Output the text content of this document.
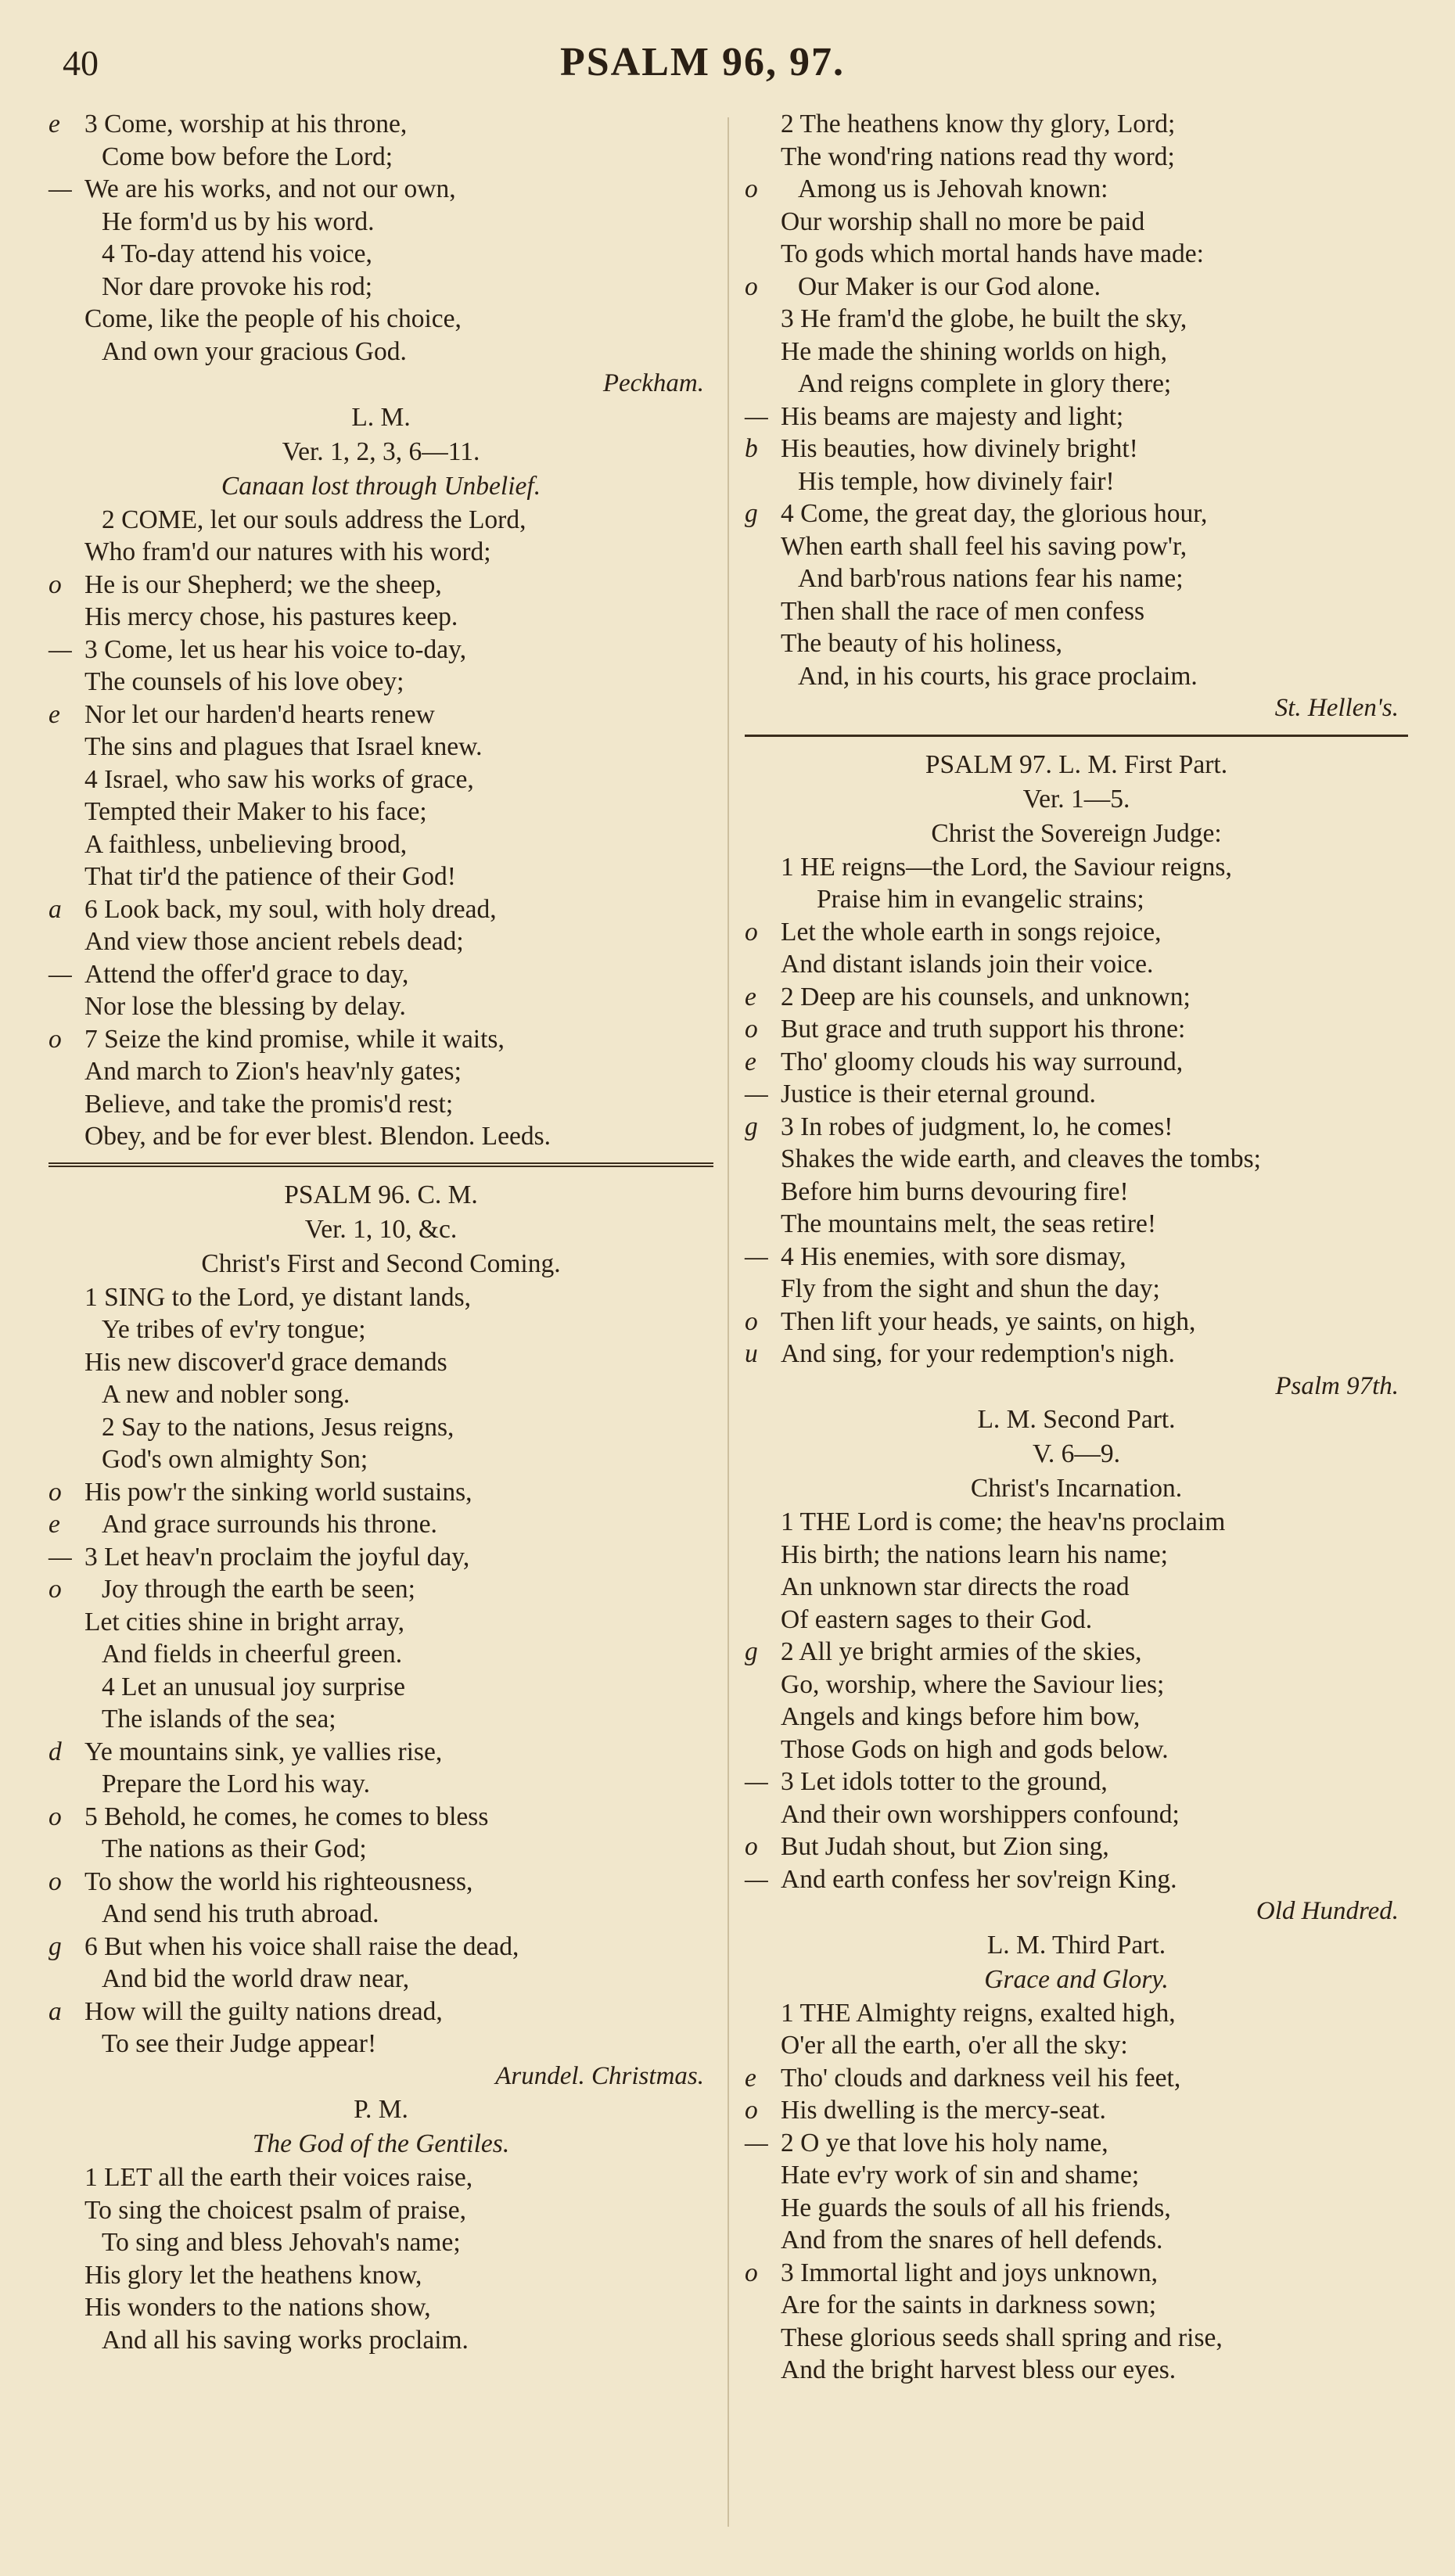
40	PSALM 96, 97.
e 3 Come, worship at his throne,
Come bow before the Lord;
— We are his works, and not our own,
He form'd us by his word.
4 To-day attend his voice,
Nor dare provoke his rod;
Come, like the people of his choice,
And own your gracious God.
Peckham.
L. M.
Ver. 1, 2, 3, 6—11.
Canaan lost through Unbelief.
2 COME, let our souls address the Lord,
Who fram'd our natures with his word;
o He is our Shepherd; we the sheep,
His mercy chose, his pastures keep.
— 3 Come, let us hear his voice to-day,
The counsels of his love obey;
e Nor let our harden'd hearts renew
The sins and plagues that Israel knew.
4 Israel, who saw his works of grace,
Tempted their Maker to his face;
A faithless, unbelieving brood,
That tir'd the patience of their God!
a 6 Look back, my soul, with holy dread,
And view those ancient rebels dead;
— Attend the offer'd grace to day,
Nor lose the blessing by delay.
o 7 Seize the kind promise, while it waits,
And march to Zion's heav'nly gates;
Believe, and take the promis'd rest;
Obey, and be for ever blest. Blendon. Leeds.
PSALM 96. C. M.
Ver. 1, 10, &c.
Christ's First and Second Coming.
1 SING to the Lord, ye distant lands,
Ye tribes of ev'ry tongue;
His new discover'd grace demands
A new and nobler song.
2 Say to the nations, Jesus reigns,
God's own almighty Son;
o His pow'r the sinking world sustains,
e	And grace surrounds his throne.
— 3 Let heav'n proclaim the joyful day,
o	Joy through the earth be seen;
Let cities shine in bright array,
And fields in cheerful green.
4 Let an unusual joy surprise
The islands of the sea;
d Ye mountains sink, ye vallies rise,
Prepare the Lord his way.
o 5 Behold, he comes, he comes to bless
The nations as their God;
o To show the world his righteousness,
And send his truth abroad.
g 6 But when his voice shall raise the dead,
And bid the world draw near,
a How will the guilty nations dread,
To see their Judge appear!
Arundel. Christmas.
P. M.
The God of the Gentiles.
1 LET all the earth their voices raise,
To sing the choicest psalm of praise,
To sing and bless Jehovah's name;
His glory let the heathens know,
His wonders to the nations show,
And all his saving works proclaim.
2 The heathens know thy glory, Lord;
The wond'ring nations read thy word;
o	Among us is Jehovah known:
Our worship shall no more be paid
To gods which mortal hands have made:
o	Our Maker is our God alone.
3 He fram'd the globe, he built the sky,
He made the shining worlds on high,
And reigns complete in glory there;
— His beams are majesty and light;
b His beauties, how divinely bright!
His temple, how divinely fair!
g 4 Come, the great day, the glorious hour,
When earth shall feel his saving pow'r,
And barb'rous nations fear his name;
Then shall the race of men confess
The beauty of his holiness,
And, in his courts, his grace proclaim.
St. Hellen's.
PSALM 97. L. M. First Part.
Ver. 1—5.
Christ the Sovereign Judge:
1 HE reigns—the Lord, the Saviour reigns,
Praise him in evangelic strains;
o Let the whole earth in songs rejoice,
And distant islands join their voice.
e 2 Deep are his counsels, and unknown;
o But grace and truth support his throne:
e Tho' gloomy clouds his way surround,
— Justice is their eternal ground.
g 3 In robes of judgment, lo, he comes!
Shakes the wide earth, and cleaves the tombs;
Before him burns devouring fire!
The mountains melt, the seas retire!
— 4 His enemies, with sore dismay,
Fly from the sight and shun the day;
o Then lift your heads, ye saints, on high,
u And sing, for your redemption's nigh.
Psalm 97th.
L. M. Second Part.
V. 6—9.
Christ's Incarnation.
1 THE Lord is come; the heav'ns proclaim
His birth; the nations learn his name;
An unknown star directs the road
Of eastern sages to their God.
g 2 All ye bright armies of the skies,
Go, worship, where the Saviour lies;
Angels and kings before him bow,
Those Gods on high and gods below.
— 3 Let idols totter to the ground,
And their own worshippers confound;
o But Judah shout, but Zion sing,
— And earth confess her sov'reign King.
Old Hundred.
L. M. Third Part.
Grace and Glory.
1 THE Almighty reigns, exalted high,
O'er all the earth, o'er all the sky:
e Tho' clouds and darkness veil his feet,
o His dwelling is the mercy-seat.
— 2 O ye that love his holy name,
Hate ev'ry work of sin and shame;
He guards the souls of all his friends,
And from the snares of hell defends.
o 3 Immortal light and joys unknown,
Are for the saints in darkness sown;
These glorious seeds shall spring and rise,
And the bright harvest bless our eyes.
